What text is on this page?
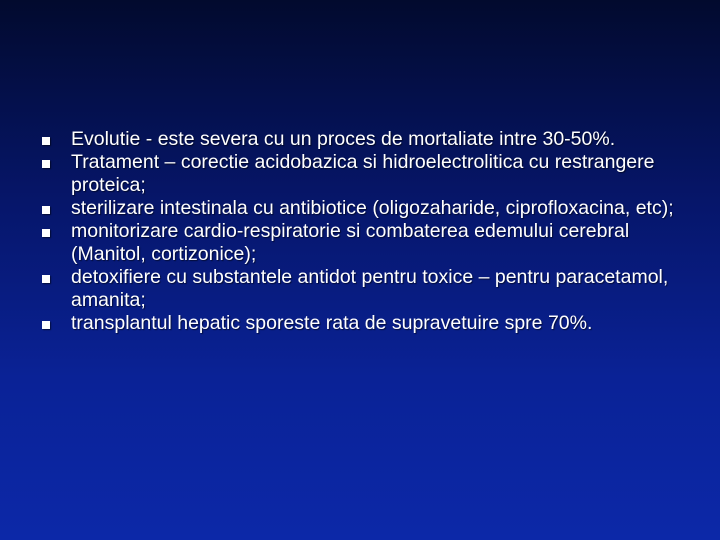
Evolutie - este severa cu un proces de mortaliate intre 30-50%.
Tratament – corectie acidobazica si hidroelectrolitica cu restrangere proteica;
sterilizare intestinala cu antibiotice (oligozaharide, ciprofloxacina, etc);
monitorizare cardio-respiratorie si combaterea edemului cerebral (Manitol, cortizonice);
detoxifiere cu substantele antidot pentru toxice – pentru paracetamol, amanita;
transplantul hepatic sporeste rata de supravetuire spre 70%.
